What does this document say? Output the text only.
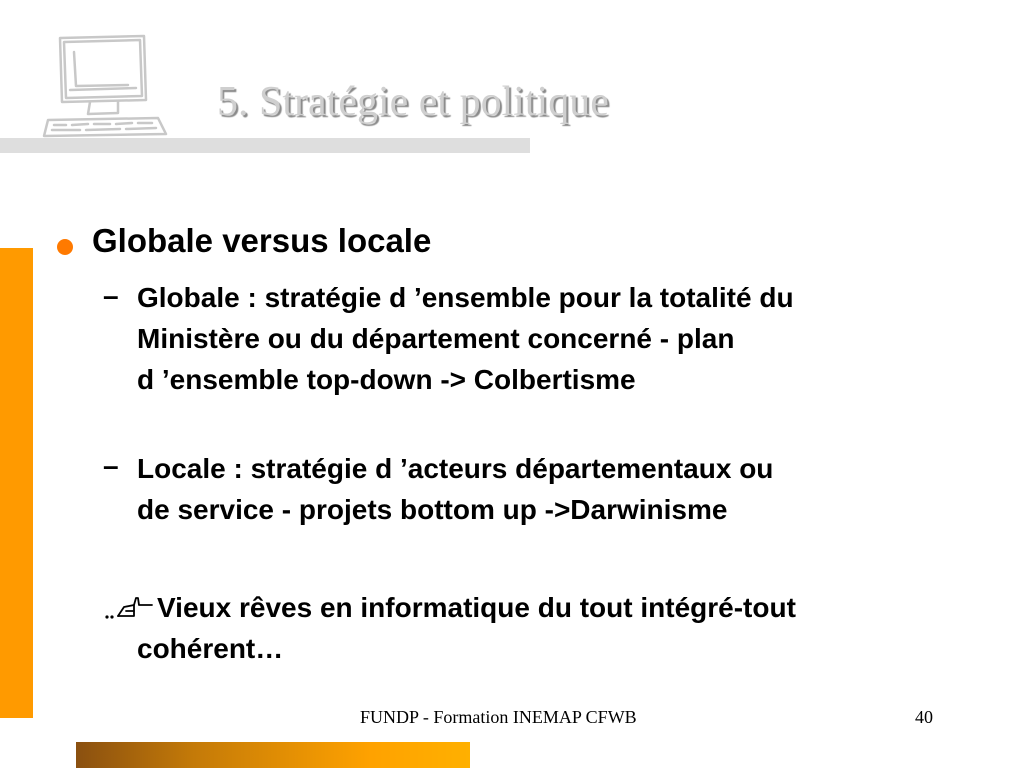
5. Stratégie et politique

Globale versus locale

– Globale : stratégie d ’ensemble pour la totalité du
Ministère ou du département concerné - plan
d ’ensemble top-down -> Colbertisme
– Locale : stratégie d ’acteurs départementaux ou
de service - projets bottom up ->Darwinisme
Vieux rêves en informatique du tout intégré-tout
cohérent…
FUNDP - Formation INEMAP CFWB	40
